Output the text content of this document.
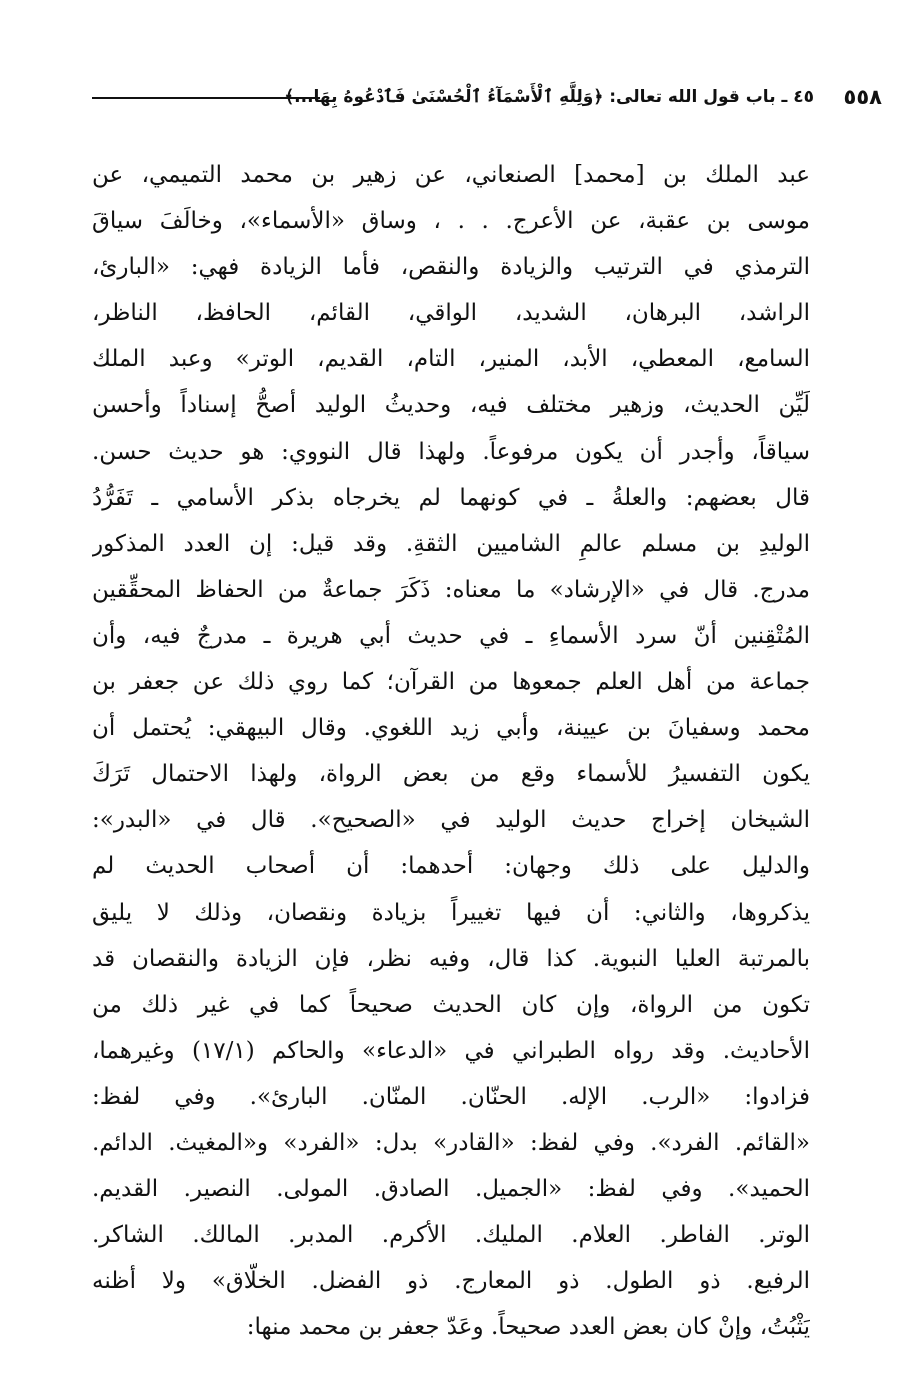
٥٥٨
٤٥ ـ باب قول الله تعالى: ﴿وَلِلَّهِ ٱلْأَسْمَآءُ ٱلْحُسْنَىٰ فَٱدْعُوهُ بِهَا...﴾
عبد الملك بن [محمد] الصنعاني، عن زهير بن محمد التميمي، عن
موسى بن عقبة، عن الأعرج. . . ، وساق «الأسماء»، وخالَفَ سياقَ
الترمذي في الترتيب والزيادة والنقص، فأما الزيادة فهي: «البارئ،
الراشد، البرهان، الشديد، الواقي، القائم، الحافظ، الناظر،
السامع، المعطي، الأبد، المنير، التام، القديم، الوتر» وعبد الملك
لَيِّن الحديث، وزهير مختلف فيه، وحديثُ الوليد أصحُّ إسناداً وأحسن
سياقاً، وأجدر أن يكون مرفوعاً. ولهذا قال النووي: هو حديث حسن.
قال بعضهم: والعلةُ ـ في كونهما لم يخرجاه بذكر الأسامي ـ تَفَرُّدُ
الوليدِ بن مسلم عالمِ الشاميين الثقةِ. وقد قيل: إن العدد المذكور
مدرج. قال في «الإرشاد» ما معناه: ذَكَرَ جماعةٌ من الحفاظ المحقِّقين
المُتْقِنين أنّ سرد الأسماءِ ـ في حديث أبي هريرة ـ مدرجٌ فيه، وأن
جماعة من أهل العلم جمعوها من القرآن؛ كما روي ذلك عن جعفر بن
محمد وسفيانَ بن عيينة، وأبي زيد اللغوي. وقال البيهقي: يُحتمل أن
يكون التفسيرُ للأسماء وقع من بعض الرواة، ولهذا الاحتمال تَرَكَ
الشيخان إخراج حديث الوليد في «الصحيح». قال في «البدر»:
والدليل على ذلك وجهان: أحدهما: أن أصحاب الحديث لم
يذكروها، والثاني: أن فيها تغييراً بزيادة ونقصان، وذلك لا يليق
بالمرتبة العليا النبوية. كذا قال، وفيه نظر، فإن الزيادة والنقصان قد
تكون من الرواة، وإن كان الحديث صحيحاً كما في غير ذلك من
الأحاديث. وقد رواه الطبراني في «الدعاء» والحاكم (١٧/١) وغيرهما،
فزادوا: «الرب. الإله. الحنّان. المنّان. البارئ». وفي لفظ:
«القائم. الفرد». وفي لفظ: «القادر» بدل: «الفرد» و«المغيث. الدائم.
الحميد». وفي لفظ: «الجميل. الصادق. المولى. النصير. القديم.
الوتر. الفاطر. العلام. المليك. الأكرم. المدبر. المالك. الشاكر.
الرفيع. ذو الطول. ذو المعارج. ذو الفضل. الخلّاق» ولا أظنه
يَثْبُتُ، وإنْ كان بعض العدد صحيحاً. وعَدّ جعفر بن محمد منها:
